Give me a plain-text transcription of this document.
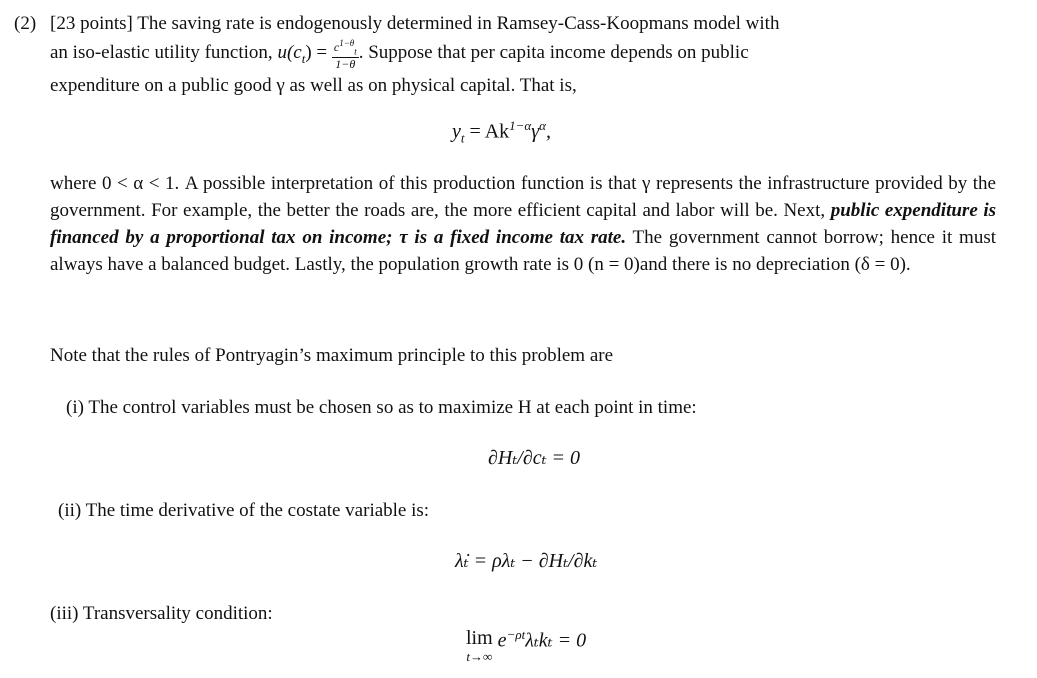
(2) [23 points] The saving rate is endogenously determined in Ramsey-Cass-Koopmans model with
an iso-elastic utility function, $u(c_t) = \frac{c^{1-\theta}_t}{1-\theta}$ . Suppose that per capita income depends on public
expenditure on a public good γ as well as on physical capital. That is,
$y_t = Ak^{1-\alpha}\gamma^\alpha$,
where 0 < α < 1. A possible interpretation of this production function is that γ represents the infrastructure provided by the government. For example, the better the roads are, the more efficient capital and labor will be. Next, public expenditure is financed by a proportional tax on income; τ is a fixed income tax rate. The government cannot borrow; hence it must always have a balanced budget. Lastly, the population growth rate is 0 (n = 0)and there is no depreciation (δ = 0).
Note that the rules of Pontryagin’s maximum principle to this problem are
(i) The control variables must be chosen so as to maximize H at each point in time:
∂Hₜ/∂cₜ = 0
(ii) The time derivative of the costate variable is:
λ̇ₜ = ρλₜ − ∂Hₜ/∂kₜ
(iii) Transversality condition:
lim
t→∞
$e^{-\rho t}\lambda_tk_t = 0$
